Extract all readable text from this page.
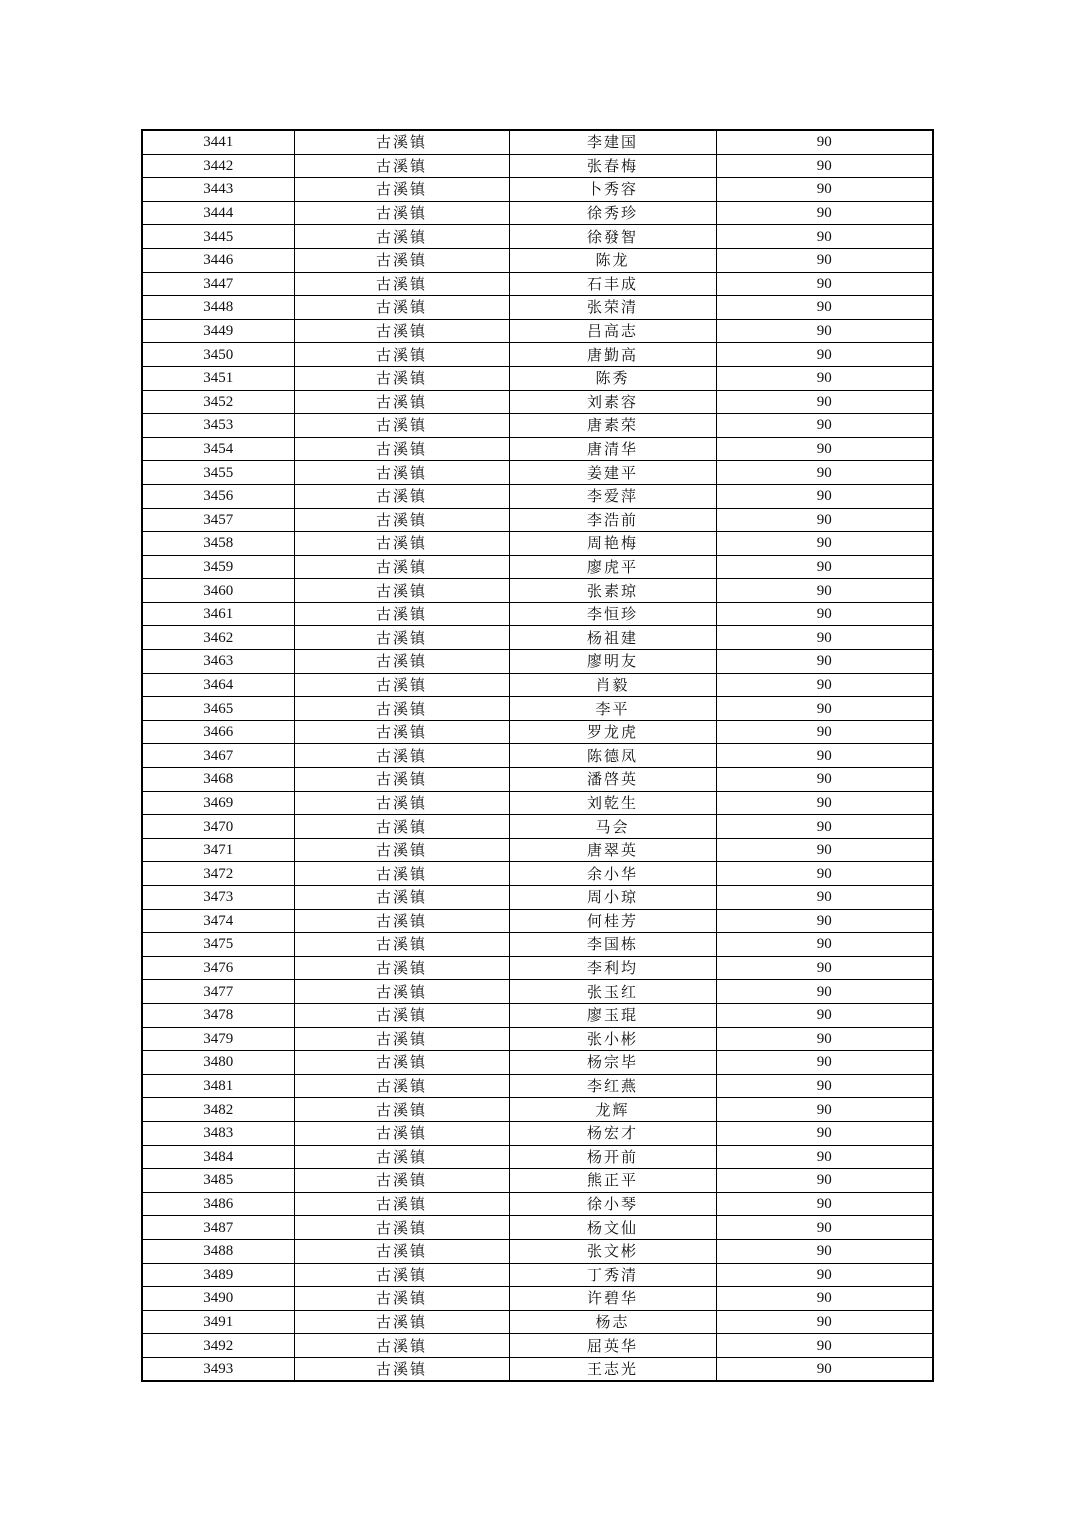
3441	古溪镇	李建国	90
3442	古溪镇	张春梅	90
3443	古溪镇	卜秀容	90
3444	古溪镇	徐秀珍	90
3445	古溪镇	徐發智	90
3446	古溪镇	陈龙	90
3447	古溪镇	石丰成	90
3448	古溪镇	张荣清	90
3449	古溪镇	吕高志	90
3450	古溪镇	唐勤高	90
3451	古溪镇	陈秀	90
3452	古溪镇	刘素容	90
3453	古溪镇	唐素荣	90
3454	古溪镇	唐清华	90
3455	古溪镇	姜建平	90
3456	古溪镇	李爱萍	90
3457	古溪镇	李浩前	90
3458	古溪镇	周艳梅	90
3459	古溪镇	廖虎平	90
3460	古溪镇	张素琼	90
3461	古溪镇	李恒珍	90
3462	古溪镇	杨祖建	90
3463	古溪镇	廖明友	90
3464	古溪镇	肖毅	90
3465	古溪镇	李平	90
3466	古溪镇	罗龙虎	90
3467	古溪镇	陈德凤	90
3468	古溪镇	潘啓英	90
3469	古溪镇	刘乾生	90
3470	古溪镇	马会	90
3471	古溪镇	唐翠英	90
3472	古溪镇	余小华	90
3473	古溪镇	周小琼	90
3474	古溪镇	何桂芳	90
3475	古溪镇	李国栋	90
3476	古溪镇	李利均	90
3477	古溪镇	张玉红	90
3478	古溪镇	廖玉琨	90
3479	古溪镇	张小彬	90
3480	古溪镇	杨宗毕	90
3481	古溪镇	李红燕	90
3482	古溪镇	龙辉	90
3483	古溪镇	杨宏才	90
3484	古溪镇	杨开前	90
3485	古溪镇	熊正平	90
3486	古溪镇	徐小琴	90
3487	古溪镇	杨文仙	90
3488	古溪镇	张文彬	90
3489	古溪镇	丁秀清	90
3490	古溪镇	许碧华	90
3491	古溪镇	杨志	90
3492	古溪镇	屈英华	90
3493	古溪镇	王志光	90
